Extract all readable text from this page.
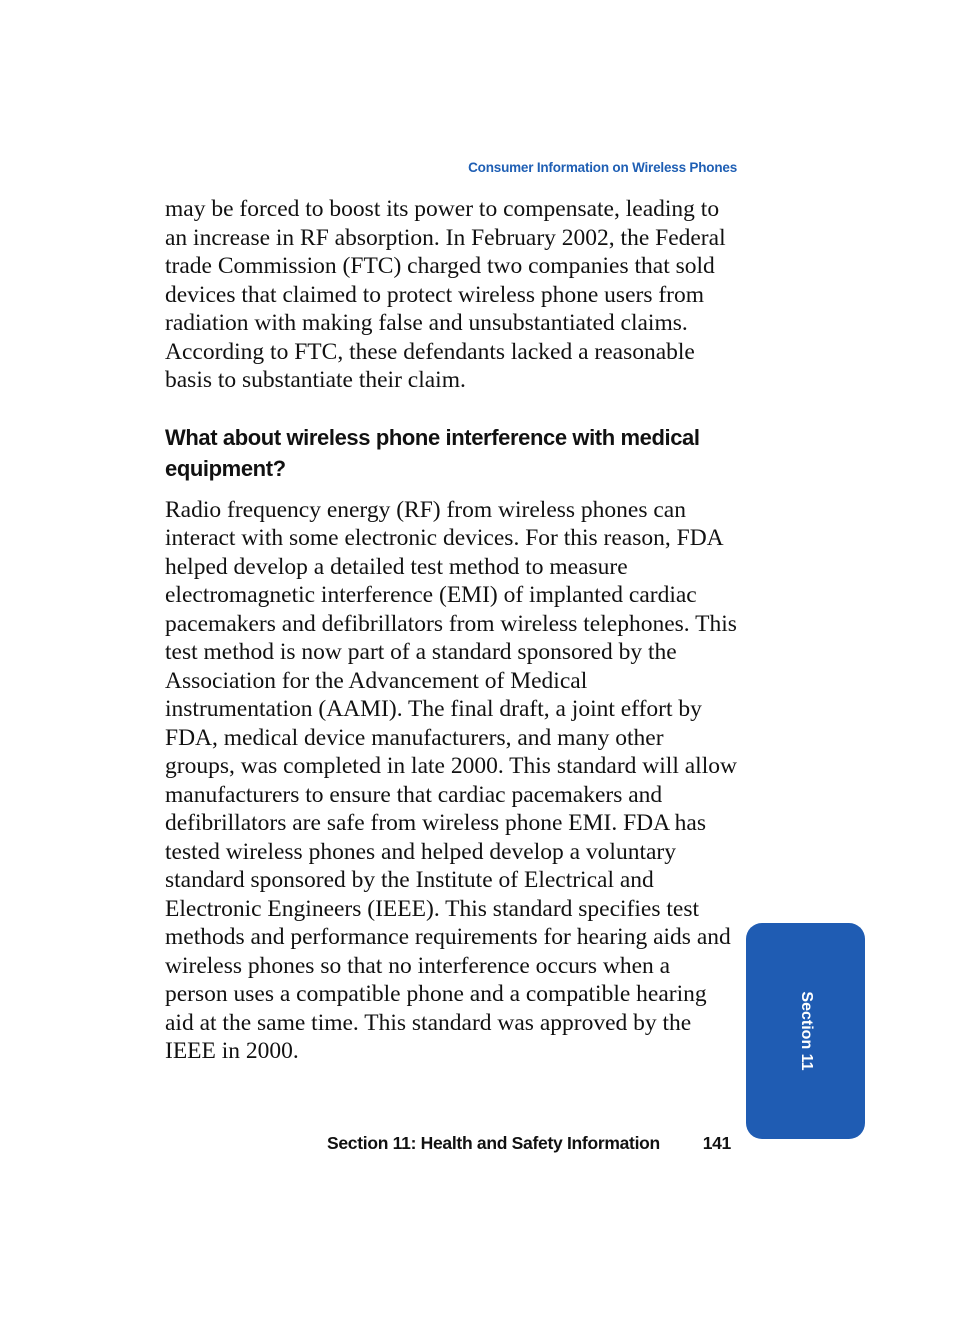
Consumer Information on Wireless Phones

may be forced to boost its power to compensate, leading to an increase in RF absorption. In February 2002, the Federal trade Commission (FTC) charged two companies that sold devices that claimed to protect wireless phone users from radiation with making false and unsubstantiated claims. According to FTC, these defendants lacked a reasonable basis to substantiate their claim.

What about wireless phone interference with medical equipment?

Radio frequency energy (RF) from wireless phones can interact with some electronic devices. For this reason, FDA helped develop a detailed test method to measure electromagnetic interference (EMI) of implanted cardiac pacemakers and defibrillators from wireless telephones. This test method is now part of a standard sponsored by the Association for the Advancement of Medical instrumentation (AAMI). The final draft, a joint effort by FDA, medical device manufacturers, and many other groups, was completed in late 2000. This standard will allow manufacturers to ensure that cardiac pacemakers and defibrillators are safe from wireless phone EMI. FDA has tested wireless phones and helped develop a voluntary standard sponsored by the Institute of Electrical and Electronic Engineers (IEEE). This standard specifies test methods and performance requirements for hearing aids and wireless phones so that no interference occurs when a person uses a compatible phone and a compatible hearing aid at the same time. This standard was approved by the IEEE in 2000.

Section 11: Health and Safety Information 141
Section 11
